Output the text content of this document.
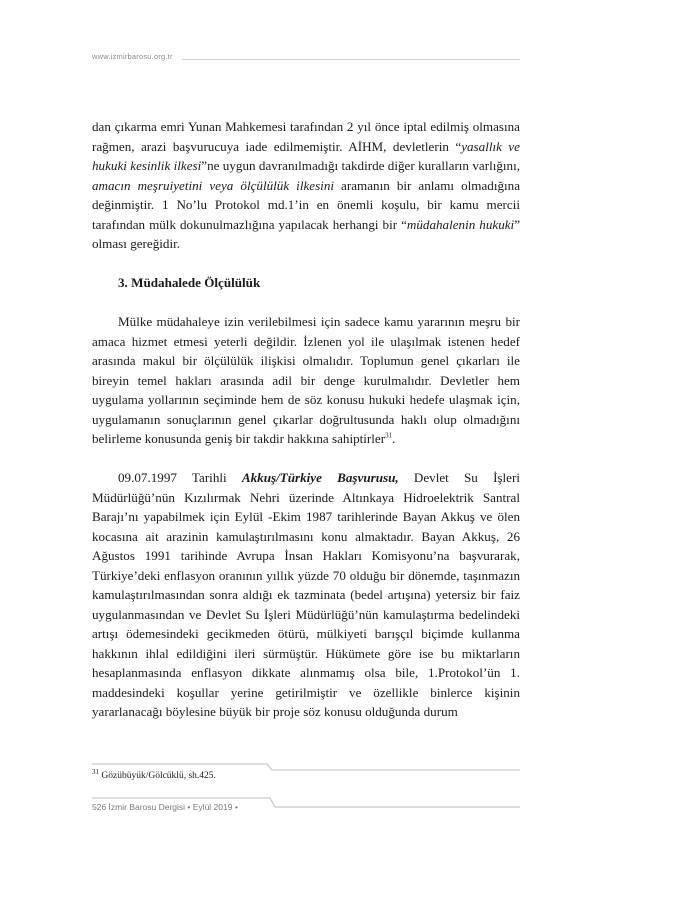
www.izmirbarosu.org.tr

dan çıkarma emri Yunan Mahkemesi tarafından 2 yıl önce iptal edilmiş olmasına rağmen, arazi başvurucuya iade edilmemiştir. AİHM, devletlerin “yasallık ve hukuki kesinlik ilkesi”ne uygun davranılmadığı takdirde diğer kuralların varlığını, amacın meşruiyetini veya ölçülülük ilkesini aramanın bir anlamı olmadığına değinmiştir. 1 No’lu Protokol md.1’in en önemli koşulu, bir kamu mercii tarafından mülk dokunulmazlığına yapılacak herhangi bir “müdahalenin hukuki” olması gereğidir.

3. Müdahalede Ölçülülük

Mülke müdahaleye izin verilebilmesi için sadece kamu yararının meşru bir amaca hizmet etmesi yeterli değildir. İzlenen yol ile ulaşılmak istenen hedef arasında makul bir ölçülülük ilişkisi olmalıdır. Toplumun genel çıkarları ile bireyin temel hakları arasında adil bir denge kurulmalıdır. Devletler hem uygulama yollarının seçiminde hem de söz konusu hukuki hedefe ulaşmak için, uygulamanın sonuçlarının genel çıkarlar doğrultusunda haklı olup olmadığını belirleme konusunda geniş bir takdir hakkına sahiptirler$^{31}$.

09.07.1997 Tarihli Akkuş/Türkiye Başvurusu, Devlet Su İşleri Müdürlüğü’nün Kızılırmak Nehri üzerinde Altınkaya Hidroelektrik Santral Barajı’nı yapabilmek için Eylül -Ekim 1987 tarihlerinde Bayan Akkuş ve ölen kocasına ait arazinin kamulaştırılmasını konu almaktadır. Bayan Akkuş, 26 Ağustos 1991 tarihinde Avrupa İnsan Hakları Komisyonu’na başvurarak, Türkiye’deki enflasyon oranının yıllık yüzde 70 olduğu bir dönemde, taşınmazın kamulaştırılmasından sonra aldığı ek tazminata (bedel artışına) yetersiz bir faiz uygulanmasından ve Devlet Su İşleri Müdürlüğü’nün kamulaştırma bedelindeki artışı ödemesindeki gecikmeden ötürü, mülkiyeti barışçıl biçimde kullanma hakkının ihlal edildiğini ileri sürmüştür. Hükümete göre ise bu miktarların hesaplanmasında enflasyon dikkate alınmamış olsa bile, 1.Protokol’ün 1. maddesindeki koşullar yerine getirilmiştir ve özellikle binlerce kişinin yararlanacağı böylesine büyük bir proje söz konusu olduğunda durum

$^{31}$ Gözübüyük/Gölcüklü, sh.425.
526 İzmir Barosu Dergisi • Eylül 2019 •
